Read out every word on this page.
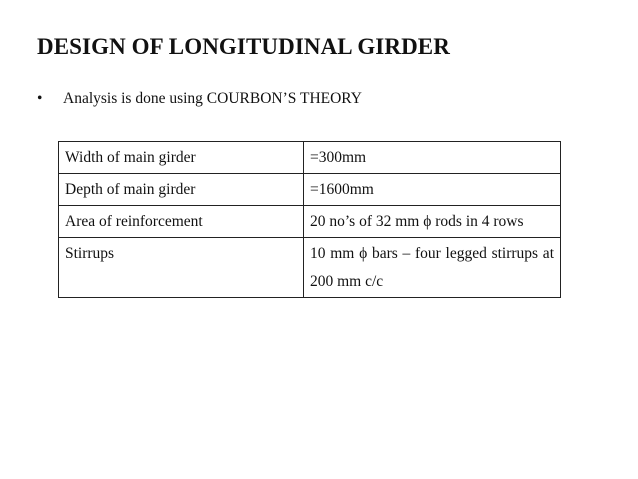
DESIGN OF LONGITUDINAL GIRDER
• Analysis is done using COURBON’S THEORY
Width of main girder	=300mm
Depth of main girder	=1600mm
Area of reinforcement	20 no’s of 32 mm ϕ rods in 4 rows
Stirrups	10 mm ϕ bars – four legged stirrups at 200 mm c/c
